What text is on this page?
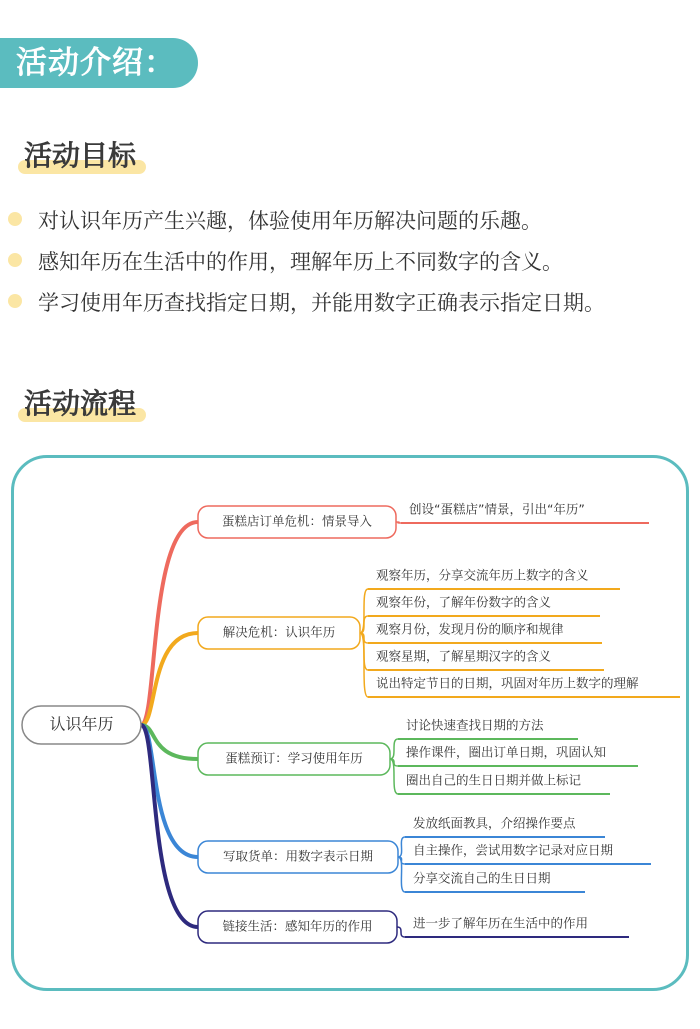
活动介绍：
活动目标
对认识年历产生兴趣，体验使用年历解决问题的乐趣。
感知年历在生活中的作用，理解年历上不同数字的含义。
学习使用年历查找指定日期，并能用数字正确表示指定日期。
活动流程
认识年历
蛋糕店订单危机：情景导入
创设“蛋糕店”情景，引出“年历”
解决危机：认识年历
观察年历，分享交流年历上数字的含义
观察年份，了解年份数字的含义
观察月份，发现月份的顺序和规律
观察星期，了解星期汉字的含义
说出特定节日的日期，巩固对年历上数字的理解
蛋糕预订：学习使用年历
讨论快速查找日期的方法
操作课件，圈出订单日期，巩固认知
圈出自己的生日日期并做上标记
写取货单：用数字表示日期
发放纸面教具，介绍操作要点
自主操作，尝试用数字记录对应日期
分享交流自己的生日日期
链接生活：感知年历的作用	进一步了解年历在生活中的作用
